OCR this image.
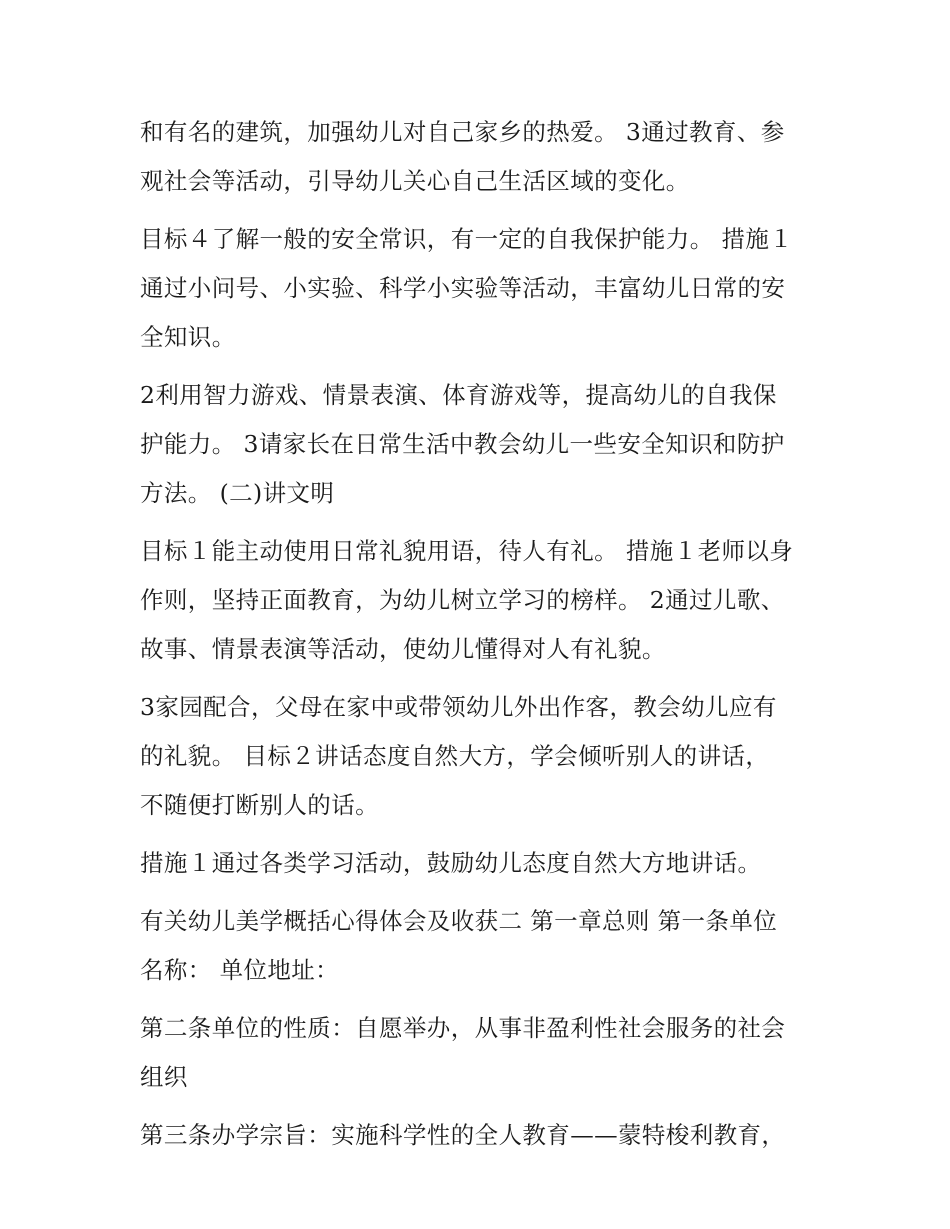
和有名的建筑，加强幼儿对自己家乡的热爱。 3通过教育、参
观社会等活动，引导幼儿关心自己生活区域的变化。
目标４了解一般的安全常识，有一定的自我保护能力。 措施１
通过小问号、小实验、科学小实验等活动，丰富幼儿日常的安
全知识。
2利用智力游戏、情景表演、体育游戏等，提高幼儿的自我保
护能力。 3请家长在日常生活中教会幼儿一些安全知识和防护
方法。 (二)讲文明
目标１能主动使用日常礼貌用语，待人有礼。 措施１老师以身
作则，坚持正面教育，为幼儿树立学习的榜样。 2通过儿歌、
故事、情景表演等活动，使幼儿懂得对人有礼貌。
3家园配合，父母在家中或带领幼儿外出作客，教会幼儿应有
的礼貌。 目标２讲话态度自然大方，学会倾听别人的讲话，
不随便打断别人的话。
措施１通过各类学习活动，鼓励幼儿态度自然大方地讲话。
有关幼儿美学概括心得体会及收获二 第一章总则 第一条单位
名称： 单位地址：
第二条单位的性质：自愿举办，从事非盈利性社会服务的社会
组织
第三条办学宗旨：实施科学性的全人教育——蒙特梭利教育，
